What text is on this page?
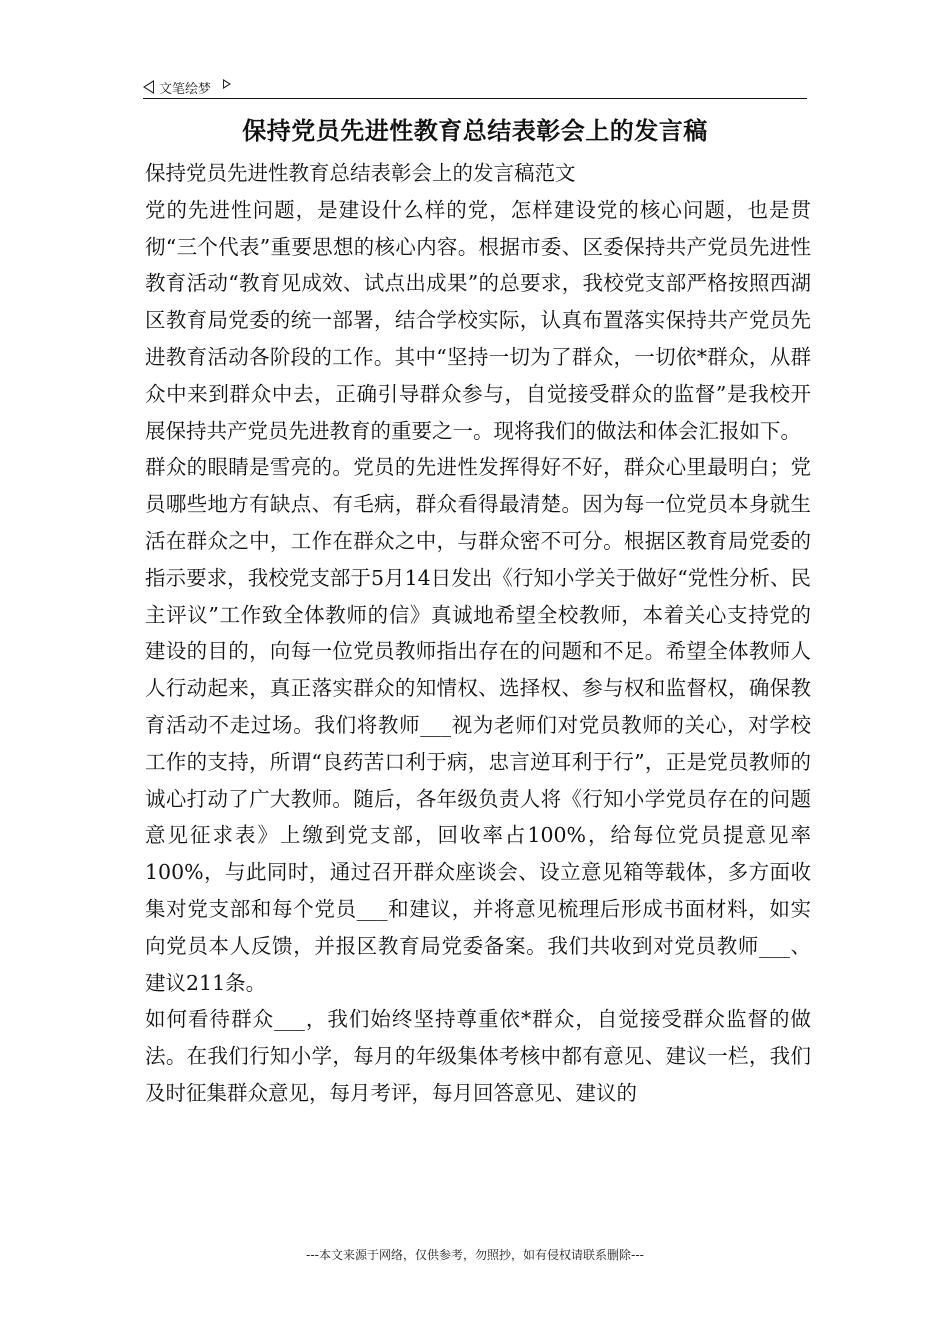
文笔绘梦
保持党员先进性教育总结表彰会上的发言稿

保持党员先进性教育总结表彰会上的发言稿范文

党的先进性问题，是建设什么样的党，怎样建设党的核心问题，也是贯彻“三个代表”重要思想的核心内容。根据市委、区委保持共产党员先进性教育活动“教育见成效、试点出成果”的总要求，我校党支部严格按照西湖区教育局党委的统一部署，结合学校实际，认真布置落实保持共产党员先进教育活动各阶段的工作。其中“坚持一切为了群众，一切依*群众，从群众中来到群众中去，正确引导群众参与，自觉接受群众的监督”是我校开展保持共产党员先进教育的重要之一。现将我们的做法和体会汇报如下。

群众的眼睛是雪亮的。党员的先进性发挥得好不好，群众心里最明白；党员哪些地方有缺点、有毛病，群众看得最清楚。因为每一位党员本身就生活在群众之中，工作在群众之中，与群众密不可分。根据区教育局党委的指示要求，我校党支部于5月14日发出《行知小学关于做好“党性分析、民主评议”工作致全体教师的信》真诚地希望全校教师，本着关心支持党的建设的目的，向每一位党员教师指出存在的问题和不足。希望全体教师人人行动起来，真正落实群众的知情权、选择权、参与权和监督权，确保教育活动不走过场。我们将教师___视为老师们对党员教师的关心，对学校工作的支持，所谓“良药苦口利于病，忠言逆耳利于行”，正是党员教师的诚心打动了广大教师。随后，各年级负责人将《行知小学党员存在的问题意见征求表》上缴到党支部，回收率占100%，给每位党员提意见率100%，与此同时，通过召开群众座谈会、设立意见箱等载体，多方面收集对党支部和每个党员___和建议，并将意见梳理后形成书面材料，如实向党员本人反馈，并报区教育局党委备案。我们共收到对党员教师___、建议211条。

如何看待群众___，我们始终坚持尊重依*群众，自觉接受群众监督的做法。在我们行知小学，每月的年级集体考核中都有意见、建议一栏，我们及时征集群众意见，每月考评，每月回答意见、建议的

---本文来源于网络，仅供参考，勿照抄，如有侵权请联系删除---
